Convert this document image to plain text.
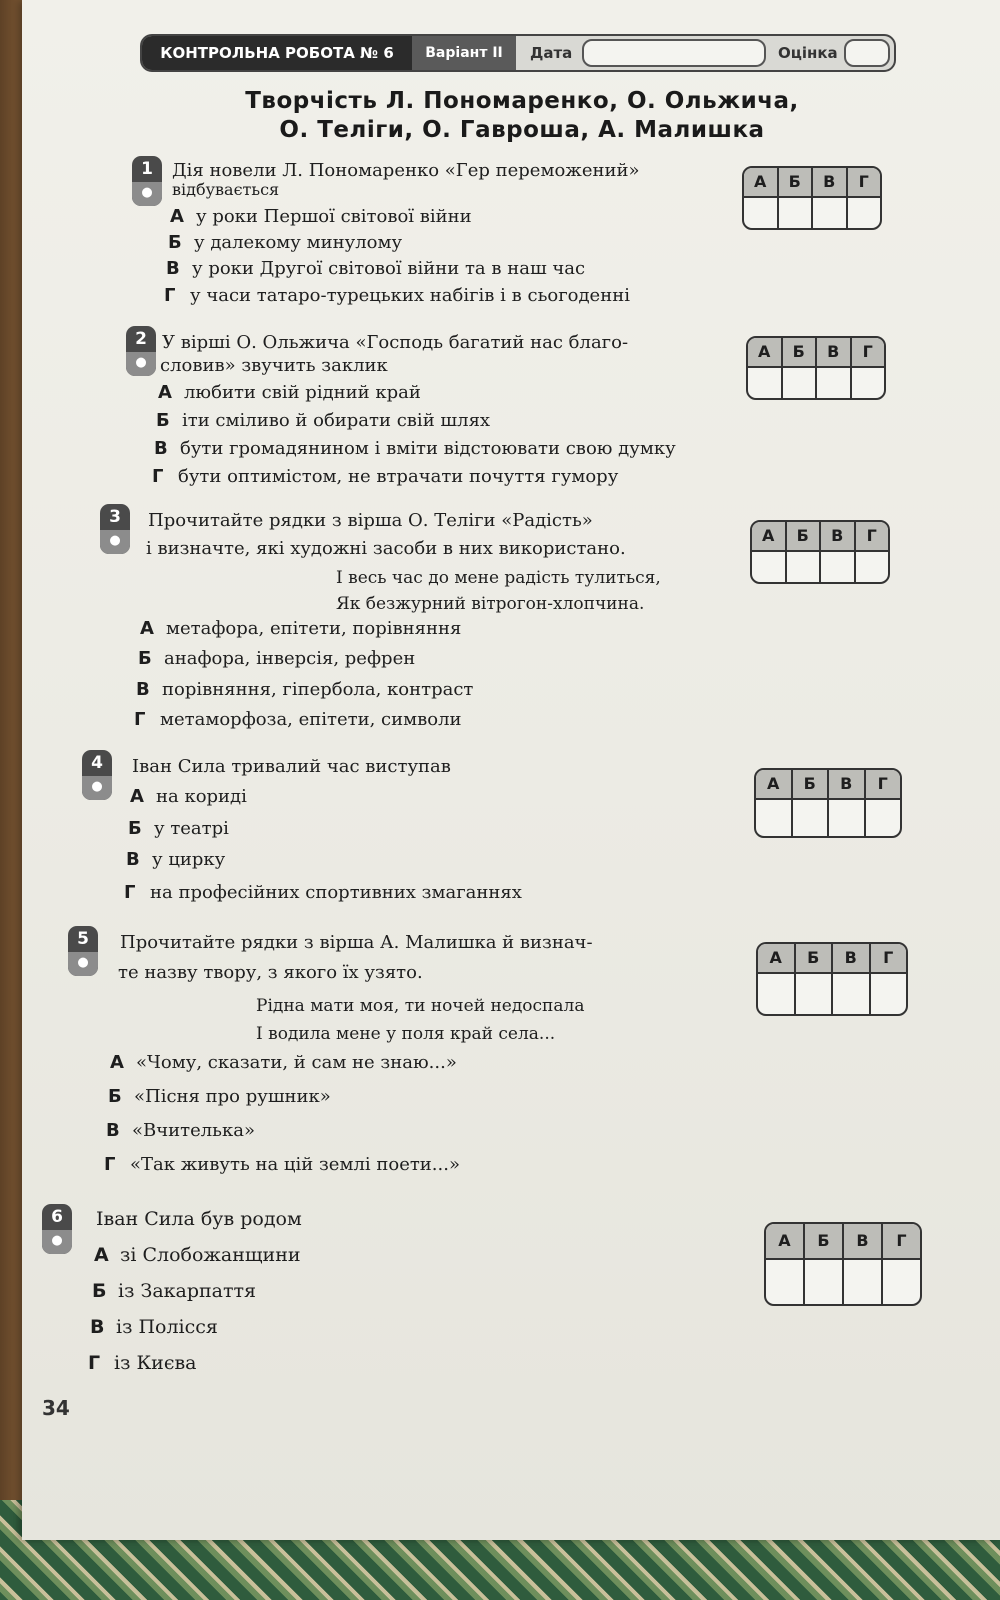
КОНТРОЛЬНА РОБОТА № 6	Варіант ІІ	Дата	Оцінка
Творчість Л. Пономаренко, О. Ольжича,
О. Теліги, О. Гавроша, А. Малишка
1
●
Дія новели Л. Пономаренко «Гер переможений»
відбувається
А у роки Першої світової війни
Б у далекому минулому
В у роки Другої світової війни та в наш час
Г у часи татаро-турецьких набігів і в сьогоденні
А	Б	В	Г
2
●
У вірші О. Ольжича «Господь багатий нас благо-
словив» звучить заклик
А любити свій рідний край
Б іти сміливо й обирати свій шлях
В бути громадянином і вміти відстоювати свою думку
Г бути оптимістом, не втрачати почуття гумору
А	Б	В	Г
3
●
Прочитайте рядки з вірша О. Теліги «Радість»
і визначте, які художні засоби в них використано.
І весь час до мене радість тулиться,
Як безжурний вітрогон-хлопчина.
А метафора, епітети, порівняння
Б анафора, інверсія, рефрен
В порівняння, гіпербола, контраст
Г метаморфоза, епітети, символи
А	Б	В	Г
4
●
Іван Сила тривалий час виступав
А на кориді
Б у театрі
В у цирку
Г на професійних спортивних змаганнях
А	Б	В	Г
5
●
Прочитайте рядки з вірша А. Малишка й визнач-
те назву твору, з якого їх узято.
Рідна мати моя, ти ночей недоспала
І водила мене у поля край села...
А «Чому, сказати, й сам не знаю...»
Б «Пісня про рушник»
В «Вчителька»
Г «Так живуть на цій землі поети...»
А	Б	В	Г
6
●
Іван Сила був родом
А зі Слобожанщини
Б із Закарпаття
В із Полісся
Г із Києва
А	Б	В	Г
34
